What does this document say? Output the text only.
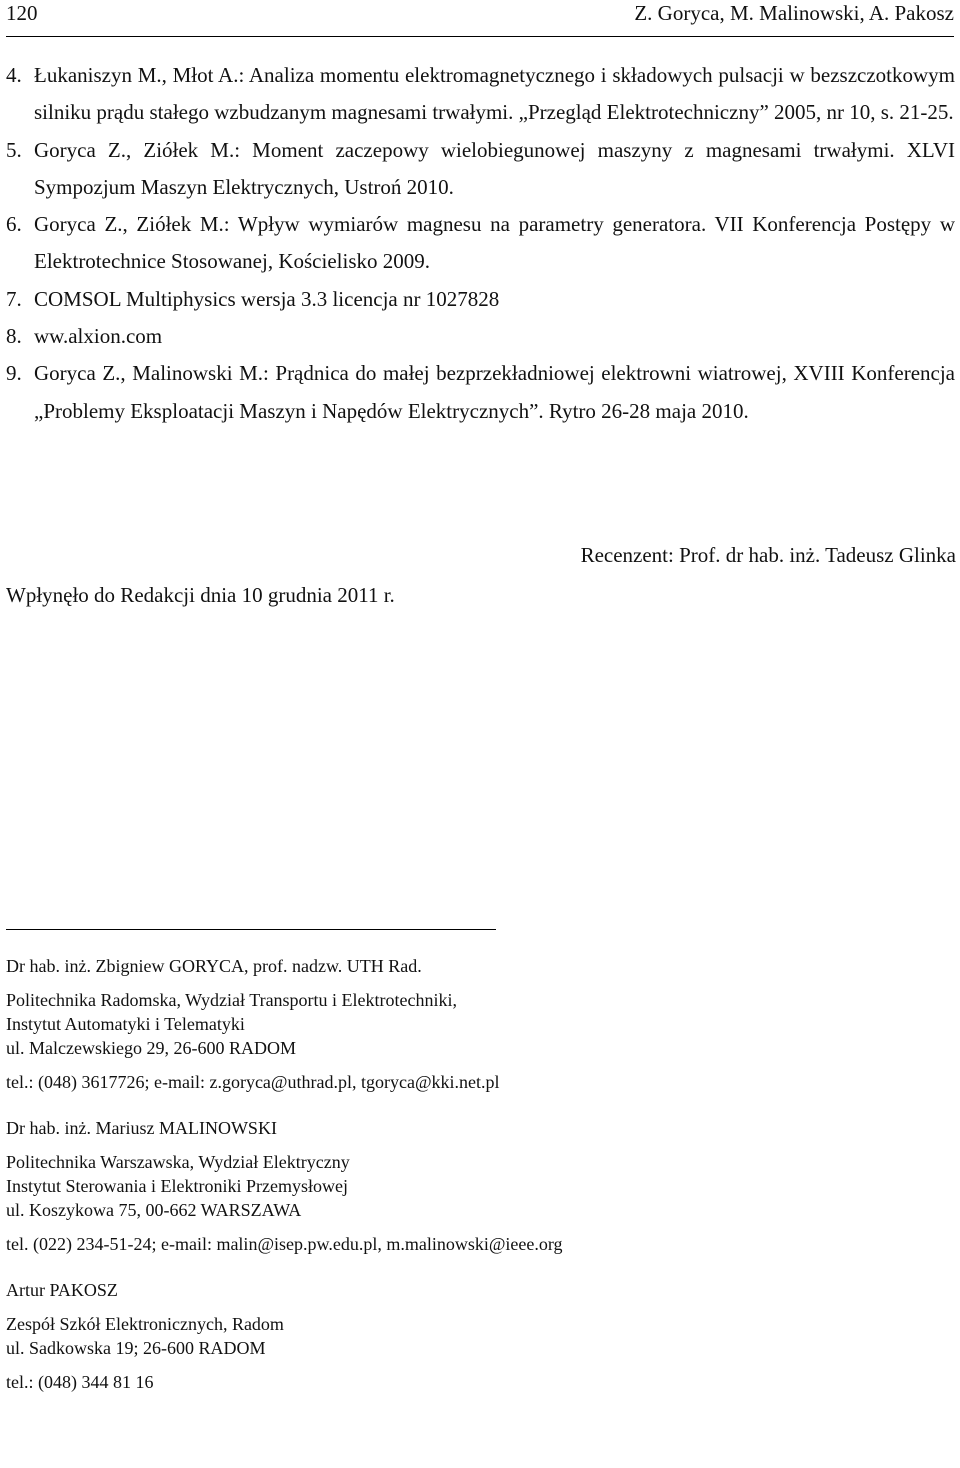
120	Z. Goryca, M. Malinowski, A. Pakosz
4. Łukaniszyn M., Młot A.: Analiza momentu elektromagnetycznego i składowych pulsacji w bezszczotkowym silniku prądu stałego wzbudzanym magnesami trwałymi. „Przegląd Elektrotechniczny” 2005, nr 10, s. 21-25.
5. Goryca Z., Ziółek M.: Moment zaczepowy wielobiegunowej maszyny z magnesami trwałymi. XLVI Sympozjum Maszyn Elektrycznych, Ustroń 2010.
6. Goryca Z., Ziółek M.: Wpływ wymiarów magnesu na parametry generatora. VII Konferencja Postępy w Elektrotechnice Stosowanej, Kościelisko 2009.
7. COMSOL Multiphysics wersja 3.3 licencja nr 1027828
8. ww.alxion.com
9. Goryca Z., Malinowski M.: Prądnica do małej bezprzekładniowej elektrowni wiatrowej, XVIII Konferencja „Problemy Eksploatacji Maszyn i Napędów Elektrycznych”. Rytro 26-28 maja 2010.
Recenzent: Prof. dr hab. inż. Tadeusz Glinka
Wpłynęło do Redakcji dnia 10 grudnia 2011 r.
Dr hab. inż. Zbigniew GORYCA, prof. nadzw. UTH Rad.
Politechnika Radomska, Wydział Transportu i Elektrotechniki,
Instytut Automatyki i Telematyki
ul. Malczewskiego 29, 26-600 RADOM
tel.: (048) 3617726; e-mail: z.goryca@uthrad.pl, tgoryca@kki.net.pl
Dr hab. inż. Mariusz MALINOWSKI
Politechnika Warszawska, Wydział Elektryczny
Instytut Sterowania i Elektroniki Przemysłowej
ul. Koszykowa 75, 00-662 WARSZAWA
tel. (022) 234-51-24; e-mail: malin@isep.pw.edu.pl, m.malinowski@ieee.org
Artur PAKOSZ
Zespół Szkół Elektronicznych, Radom
ul. Sadkowska 19; 26-600 RADOM
tel.: (048) 344 81 16
